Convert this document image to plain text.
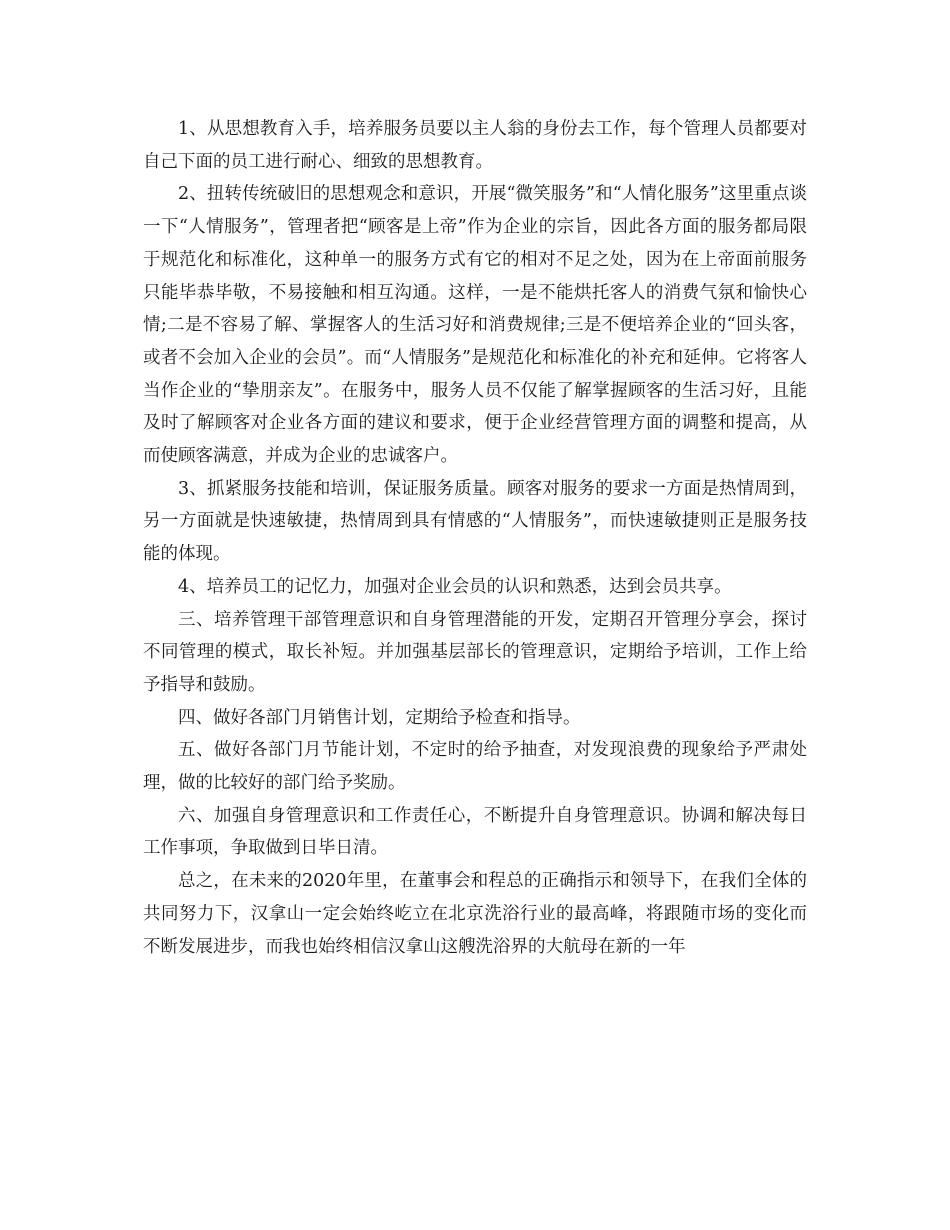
1、从思想教育入手，培养服务员要以主人翁的身份去工作，每个管理人员都要对自己下面的员工进行耐心、细致的思想教育。

2、扭转传统破旧的思想观念和意识，开展“微笑服务”和“人情化服务”这里重点谈一下“人情服务”，管理者把“顾客是上帝”作为企业的宗旨，因此各方面的服务都局限于规范化和标准化，这种单一的服务方式有它的相对不足之处，因为在上帝面前服务只能毕恭毕敬，不易接触和相互沟通。这样，一是不能烘托客人的消费气氛和愉快心情;二是不容易了解、掌握客人的生活习好和消费规律;三是不便培养企业的“回头客，或者不会加入企业的会员”。而“人情服务”是规范化和标准化的补充和延伸。它将客人当作企业的“挚朋亲友”。在服务中，服务人员不仅能了解掌握顾客的生活习好，且能及时了解顾客对企业各方面的建议和要求，便于企业经营管理方面的调整和提高，从而使顾客满意，并成为企业的忠诚客户。

3、抓紧服务技能和培训，保证服务质量。顾客对服务的要求一方面是热情周到，另一方面就是快速敏捷，热情周到具有情感的“人情服务”，而快速敏捷则正是服务技能的体现。

4、培养员工的记忆力，加强对企业会员的认识和熟悉，达到会员共享。

三、培养管理干部管理意识和自身管理潜能的开发，定期召开管理分享会，探讨不同管理的模式，取长补短。并加强基层部长的管理意识，定期给予培训，工作上给予指导和鼓励。

四、做好各部门月销售计划，定期给予检查和指导。

五、做好各部门月节能计划，不定时的给予抽查，对发现浪费的现象给予严肃处理，做的比较好的部门给予奖励。

六、加强自身管理意识和工作责任心，不断提升自身管理意识。协调和解决每日工作事项，争取做到日毕日清。

总之，在未来的2020年里，在董事会和程总的正确指示和领导下，在我们全体的共同努力下，汉拿山一定会始终屹立在北京洗浴行业的最高峰，将跟随市场的变化而不断发展进步，而我也始终相信汉拿山这艘洗浴界的大航母在新的一年
